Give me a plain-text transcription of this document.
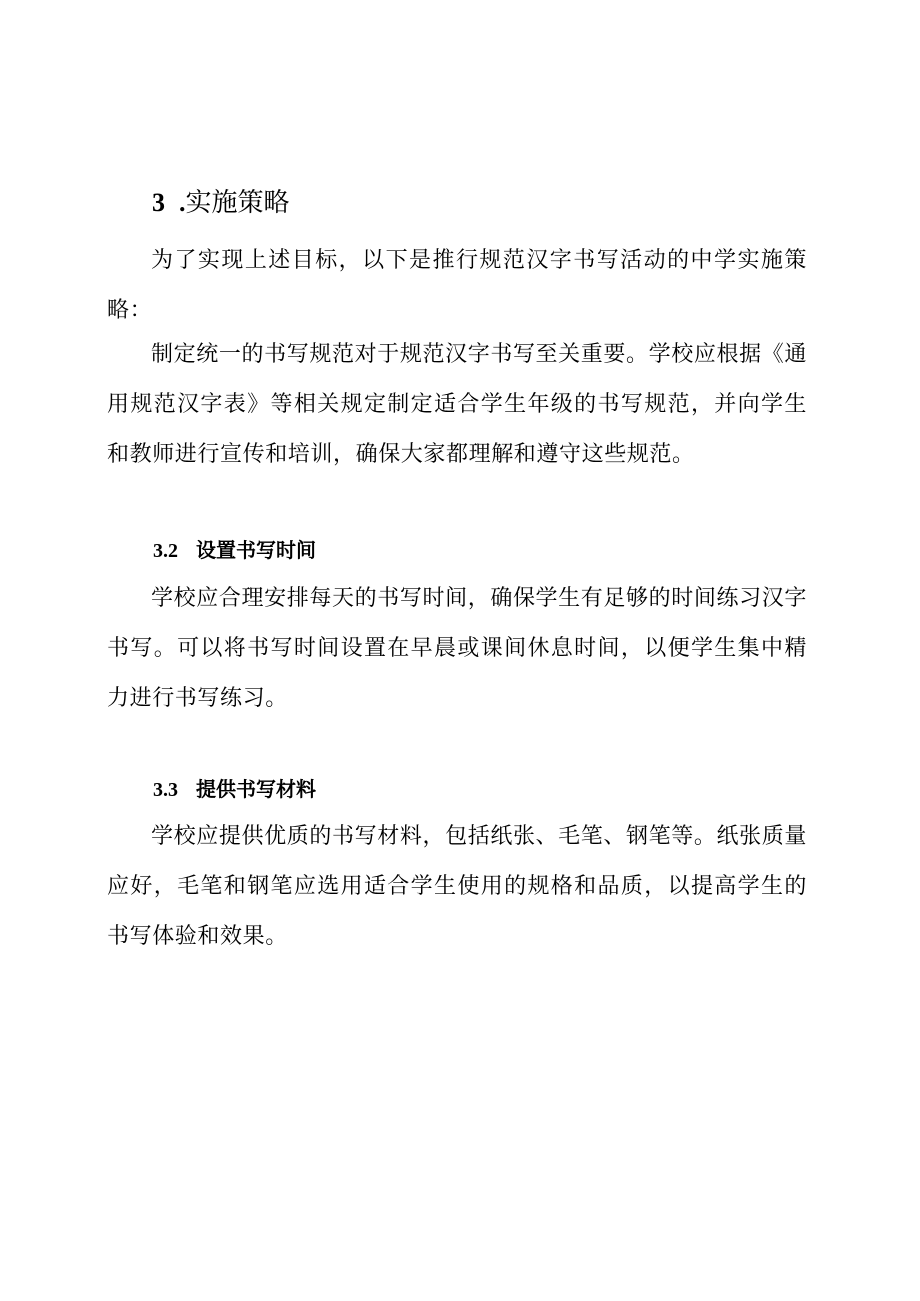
3 .实施策略

为了实现上述目标，以下是推行规范汉字书写活动的中学实施策略：

制定统一的书写规范对于规范汉字书写至关重要。学校应根据《通用规范汉字表》等相关规定制定适合学生年级的书写规范，并向学生和教师进行宣传和培训，确保大家都理解和遵守这些规范。

3.2 设置书写时间

学校应合理安排每天的书写时间，确保学生有足够的时间练习汉字书写。可以将书写时间设置在早晨或课间休息时间，以便学生集中精力进行书写练习。

3.3 提供书写材料

学校应提供优质的书写材料，包括纸张、毛笔、钢笔等。纸张质量应好，毛笔和钢笔应选用适合学生使用的规格和品质，以提高学生的书写体验和效果。
